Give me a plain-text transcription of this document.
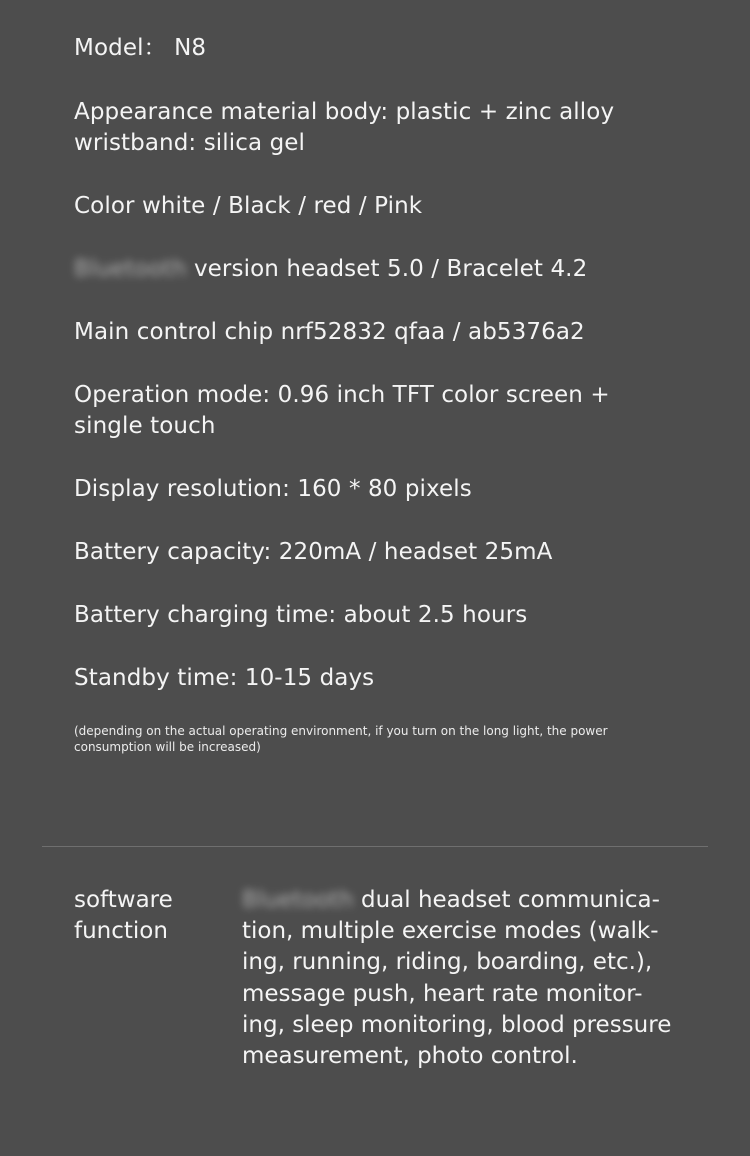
Model： N8

Appearance material body: plastic + zinc alloy
wristband: silica gel

Color white / Black / red / Pink

Bluetooth version headset 5.0 / Bracelet 4.2

Main control chip nrf52832 qfaa / ab5376a2

Operation mode: 0.96 inch TFT color screen +
single touch

Display resolution: 160 * 80 pixels

Battery capacity: 220mA / headset 25mA

Battery charging time: about 2.5 hours

Standby time: 10-15 days

(depending on the actual operating environment, if you turn on the long light, the power
consumption will be increased)

software
function

Bluetooth dual headset communica-
tion, multiple exercise modes (walk-
ing, running, riding, boarding, etc.),
message push, heart rate monitor-
ing, sleep monitoring, blood pressure
measurement, photo control.
